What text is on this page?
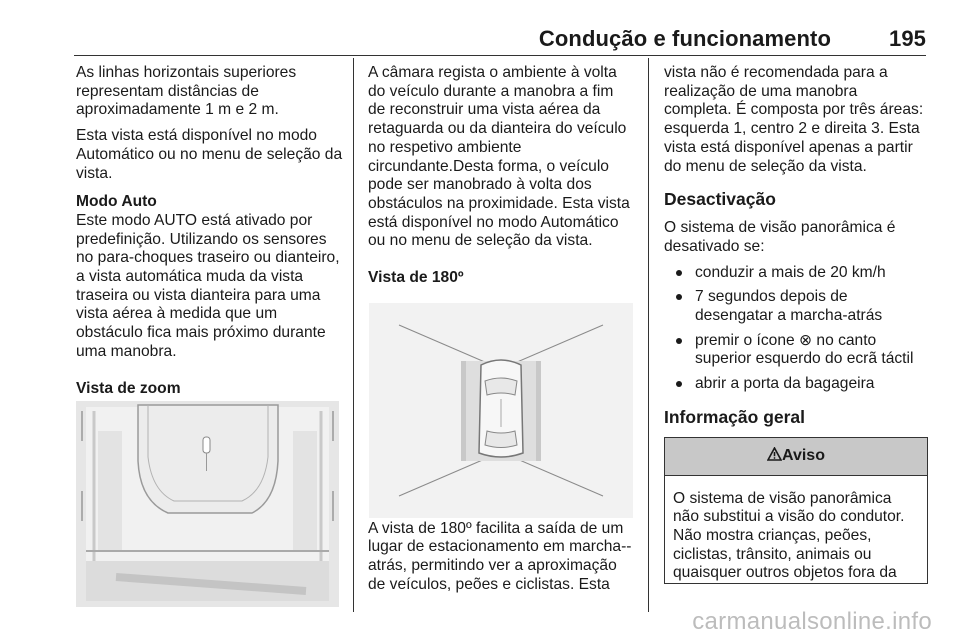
Condução e funcionamento	195

As linhas horizontais superiores representam distâncias de aproximadamente 1 m e 2 m.

Esta vista está disponível no modo Automático ou no menu de seleção da vista.

Modo Auto

Este modo AUTO está ativado por predefinição. Utilizando os sensores no para-choques traseiro ou dianteiro, a vista automática muda da vista traseira ou vista dianteira para uma vista aérea à medida que um obstáculo fica mais próximo durante uma manobra.

Vista de zoom

A câmara regista o ambiente à volta do veículo durante a manobra a fim de reconstruir uma vista aérea da retaguarda ou da dianteira do veículo no respetivo ambiente circundante.Desta forma, o veículo pode ser manobrado à volta dos obstáculos na proximidade. Esta vista está disponível no modo Automático ou no menu de seleção da vista.

Vista de 180º

A vista de 180º facilita a saída de um lugar de estacionamento em marcha-​-atrás, permitindo ver a aproximação de veículos, peões e ciclistas. Esta

vista não é recomendada para a realização de uma manobra completa. É composta por três áreas: esquerda 1, centro 2 e direita 3. Esta vista está disponível apenas a partir do menu de seleção da vista.

Desactivação

O sistema de visão panorâmica é desativado se:

conduzir a mais de 20 km/h
7 segundos depois de desengatar a marcha-atrás
premir o ícone ⊗ no canto superior esquerdo do ecrã táctil
abrir a porta da bagageira
Informação geral
Aviso
O sistema de visão panorâmica não substitui a visão do condutor. Não mostra crianças, peões, ciclistas, trânsito, animais ou quaisquer outros objetos fora da
carmanualsonline.info
